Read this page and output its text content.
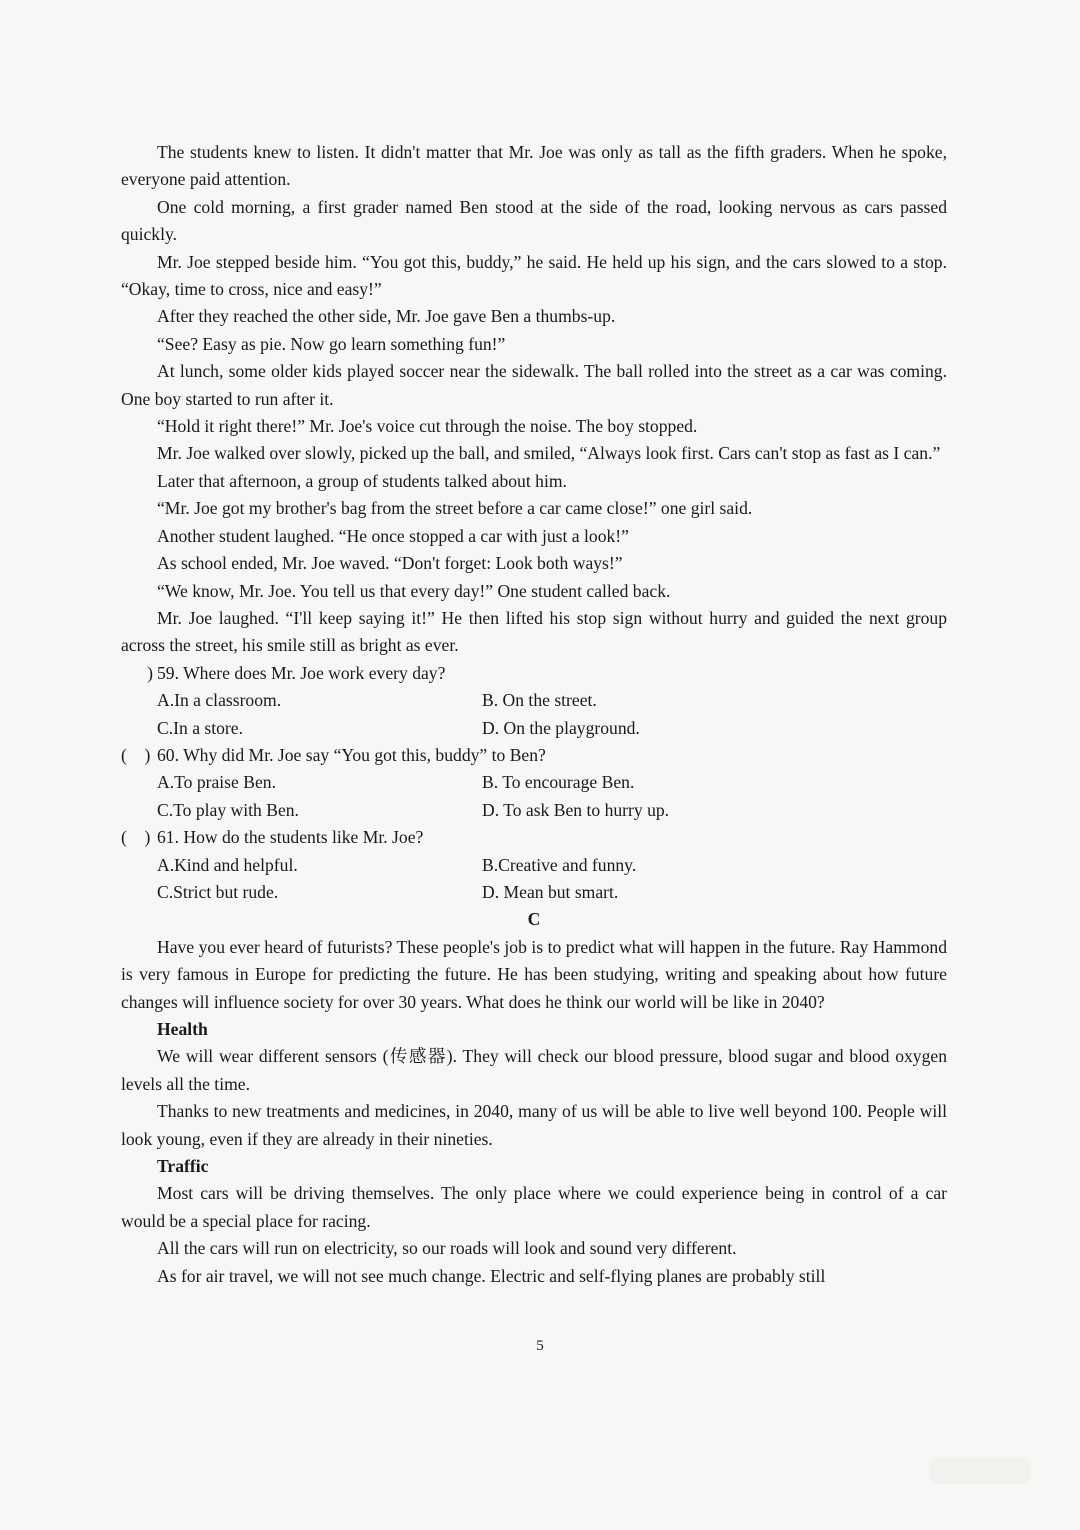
The students knew to listen. It didn't matter that Mr. Joe was only as tall as the fifth graders. When he spoke, everyone paid attention.

One cold morning, a first grader named Ben stood at the side of the road, looking nervous as cars passed quickly.

Mr. Joe stepped beside him. “You got this, buddy,” he said. He held up his sign, and the cars slowed to a stop. “Okay, time to cross, nice and easy!”

After they reached the other side, Mr. Joe gave Ben a thumbs-up.

“See? Easy as pie. Now go learn something fun!”

At lunch, some older kids played soccer near the sidewalk. The ball rolled into the street as a car was coming. One boy started to run after it.

“Hold it right there!” Mr. Joe's voice cut through the noise. The boy stopped.

Mr. Joe walked over slowly, picked up the ball, and smiled, “Always look first. Cars can't stop as fast as I can.”

Later that afternoon, a group of students talked about him.

“Mr. Joe got my brother's bag from the street before a car came close!” one girl said.

Another student laughed. “He once stopped a car with just a look!”

As school ended, Mr. Joe waved. “Don't forget: Look both ways!”

“We know, Mr. Joe. You tell us that every day!” One student called back.

Mr. Joe laughed. “I'll keep saying it!” He then lifted his stop sign without hurry and guided the next group across the street, his smile still as bright as ever.

) 59. Where does Mr. Joe work every day?

A.In a classroom.	B. On the street.
C.In a store.	D. On the playground.

(    ) 60. Why did Mr. Joe say “You got this, buddy” to Ben?

A.To praise Ben.	B. To encourage Ben.
C.To play with Ben.	D. To ask Ben to hurry up.

(    ) 61. How do the students like Mr. Joe?

A.Kind and helpful.	B.Creative and funny.
C.Strict but rude.	D. Mean but smart.

C

Have you ever heard of futurists? These people's job is to predict what will happen in the future. Ray Hammond is very famous in Europe for predicting the future. He has been studying, writing and speaking about how future changes will influence society for over 30 years. What does he think our world will be like in 2040?

Health

We will wear different sensors (传感器). They will check our blood pressure, blood sugar and blood oxygen levels all the time.

Thanks to new treatments and medicines, in 2040, many of us will be able to live well beyond 100. People will look young, even if they are already in their nineties.

Traffic

Most cars will be driving themselves. The only place where we could experience being in control of a car would be a special place for racing.

All the cars will run on electricity, so our roads will look and sound very different.

As for air travel, we will not see much change. Electric and self-flying planes are probably still

5
